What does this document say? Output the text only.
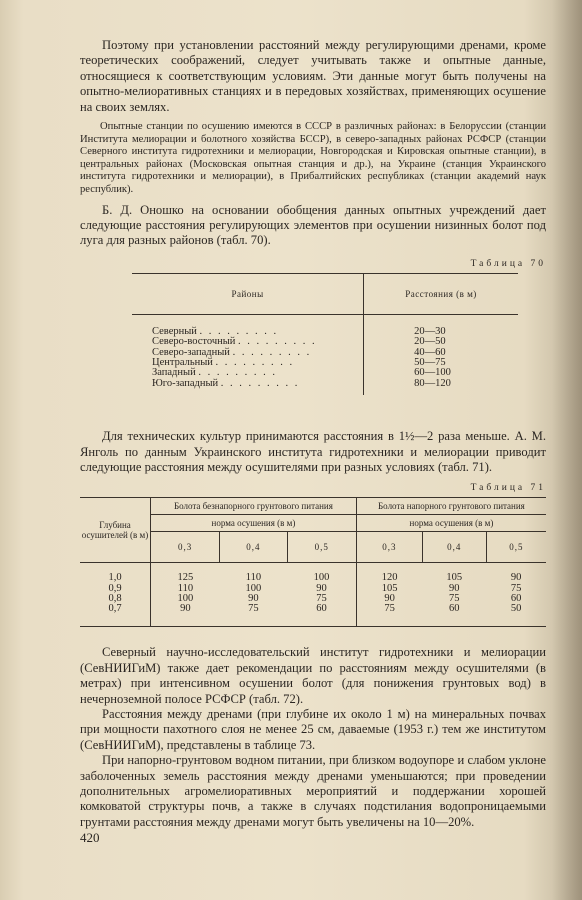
Поэтому при установлении расстояний между регулирующими дренами, кроме теоретических соображений, следует учитывать также и опытные данные, относящиеся к соответствующим условиям. Эти данные могут быть получены на опытно-мелиоративных станциях и в передовых хозяйствах, применяющих осушение на своих землях.

Опытные станции по осушению имеются в СССР в различных районах: в Белоруссии (станции Института мелиорации и болотного хозяйства БССР), в северо-западных районах РСФСР (станции Северного института гидротехники и мелиорации, Новгородская и Кировская опытные станции), в центральных районах (Московская опытная станция и др.), на Украине (станция Украинского института гидротехники и мелиорации), в Прибалтийских республиках (станции академий наук республик).

Б. Д. Оношко на основании обобщения данных опытных учреждений дает следующие расстояния регулирующих элементов при осушении низинных болот под луга для разных районов (табл. 70).

Таблица 70
Районы	Расстояния (в м)
Северный . . . . . . . . .	20—30
Северо-восточный . . . . . . . . .	20—50
Северо-западный . . . . . . . . .	40—60
Центральный . . . . . . . . .	50—75
Западный . . . . . . . . .	60—100
Юго-западный . . . . . . . . .	80—120

Для технических культур принимаются расстояния в 1½—2 раза меньше. А. М. Янголь по данным Украинского института гидротехники и мелиорации приводит следующие расстояния между осушителями при разных условиях (табл. 71).

Таблица 71
Глубина осушителей (в м)	Болота безнапорного грунтового питания			Болота напорного грунтового питания		
	норма осушения (в м)			норма осушения (в м)		
	0,3	0,4	0,5	0,3	0,4	0,5
1,0	125	110	100	120	105	90
0,9	110	100	90	105	90	75
0,8	100	90	75	90	75	60
0,7	90	75	60	75	60	50

Северный научно-исследовательский институт гидротехники и мелиорации (СевНИИГиМ) также дает рекомендации по расстояниям между осушителями (в метрах) при интенсивном осушении болот (для понижения грунтовых вод) в нечерноземной полосе РСФСР (табл. 72).

Расстояния между дренами (при глубине их около 1 м) на минеральных почвах при мощности пахотного слоя не менее 25 см, даваемые (1953 г.) тем же институтом (СевНИИГиМ), представлены в таблице 73.

При напорно-грунтовом водном питании, при близком водоупоре и слабом уклоне заболоченных земель расстояния между дренами уменьшаются; при проведении дополнительных агромелиоративных мероприятий и поддержании хорошей комковатой структуры почв, а также в случаях подстилания водопроницаемыми грунтами расстояния между дренами могут быть увеличены на 10—20%.

420
